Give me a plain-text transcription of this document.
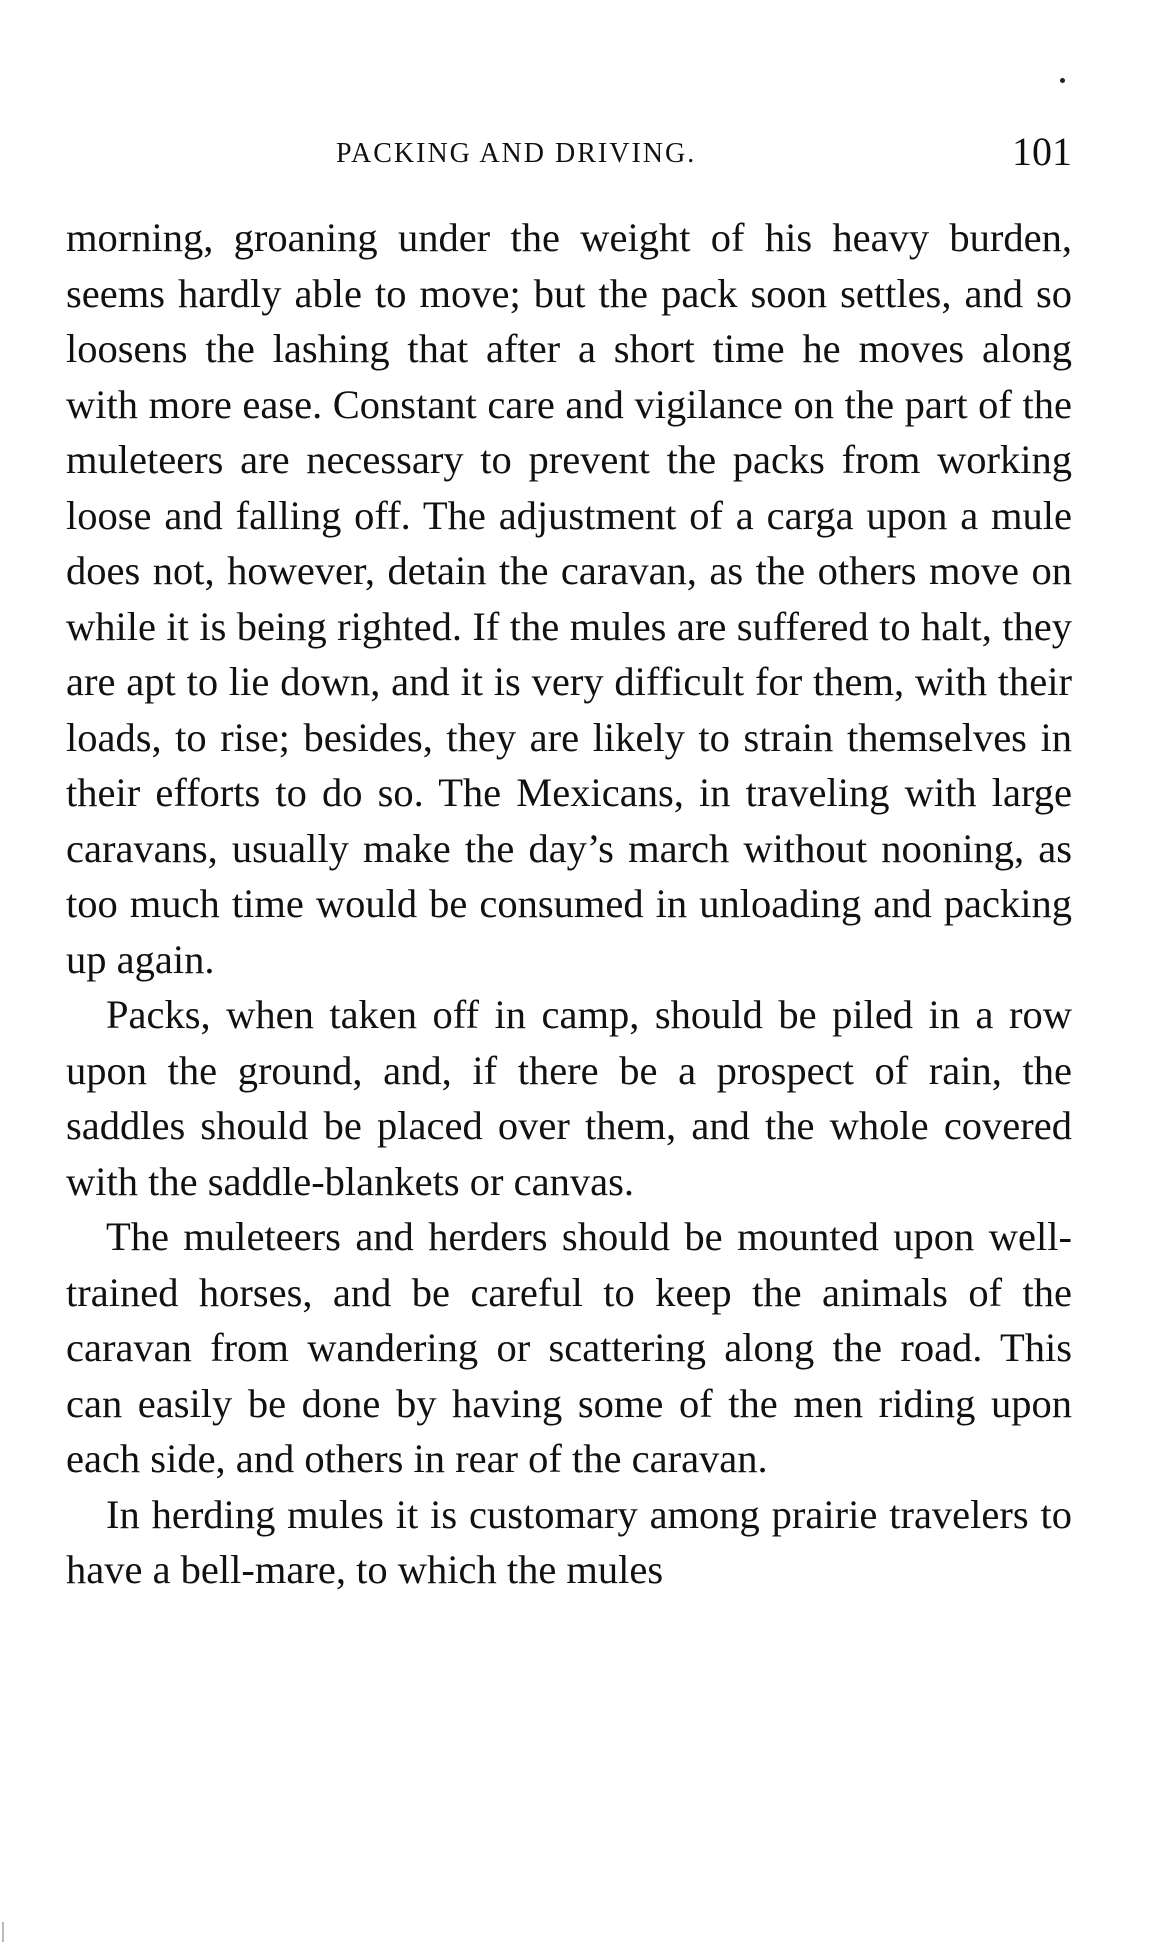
PACKING AND DRIVING.	101

morning, groaning under the weight of his heavy burden, seems hardly able to move; but the pack soon settles, and so loosens the lashing that after a short time he moves along with more ease. Constant care and vigilance on the part of the muleteers are necessary to prevent the packs from working loose and falling off. The adjustment of a carga upon a mule does not, however, detain the caravan, as the others move on while it is being righted. If the mules are suffered to halt, they are apt to lie down, and it is very difficult for them, with their loads, to rise; besides, they are likely to strain themselves in their efforts to do so. The Mexicans, in traveling with large caravans, usually make the day’s march without nooning, as too much time would be consumed in unloading and packing up again.

Packs, when taken off in camp, should be piled in a row upon the ground, and, if there be a prospect of rain, the saddles should be placed over them, and the whole covered with the saddle-blankets or canvas.

The muleteers and herders should be mounted upon well-trained horses, and be careful to keep the animals of the caravan from wandering or scattering along the road. This can easily be done by having some of the men riding upon each side, and others in rear of the caravan.

In herding mules it is customary among prairie travelers to have a bell-mare, to which the mules
